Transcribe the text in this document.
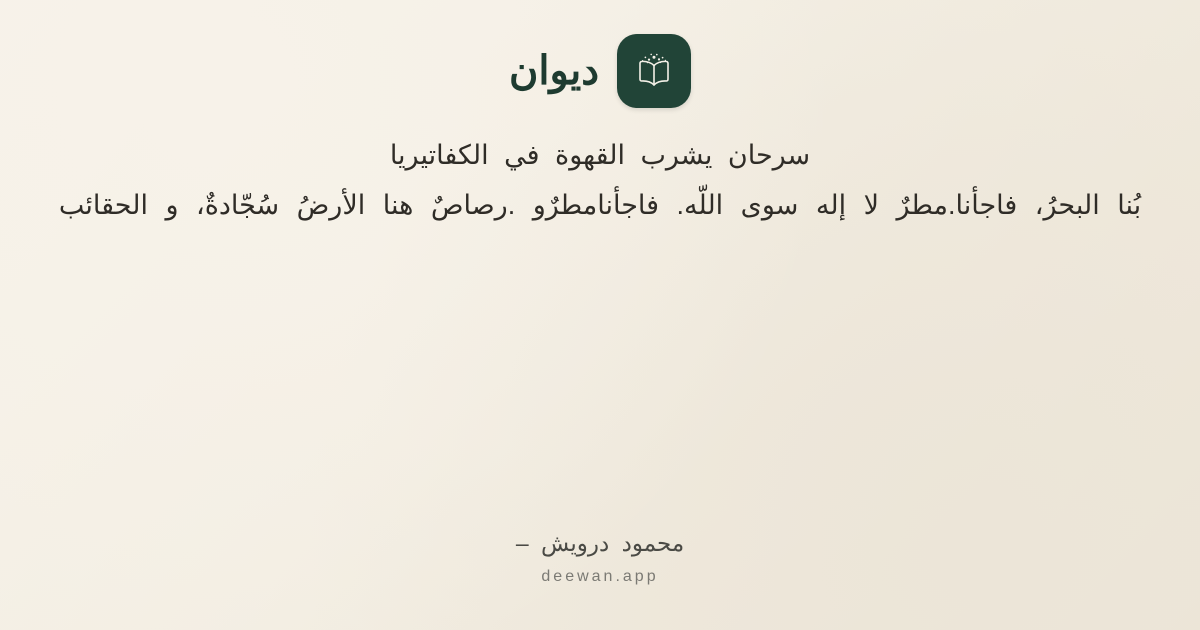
ديوان
سرحان يشرب القهوة في الكفاتيريا
بُنا البحرُ، فاجأنا.مطرٌ لا إله سوى اللّه. فاجأنامطرٌو .رصاصٌ هنا الأرضُ سُجّادةٌ، و الحقائب
محمود درويش –
deewan.app
